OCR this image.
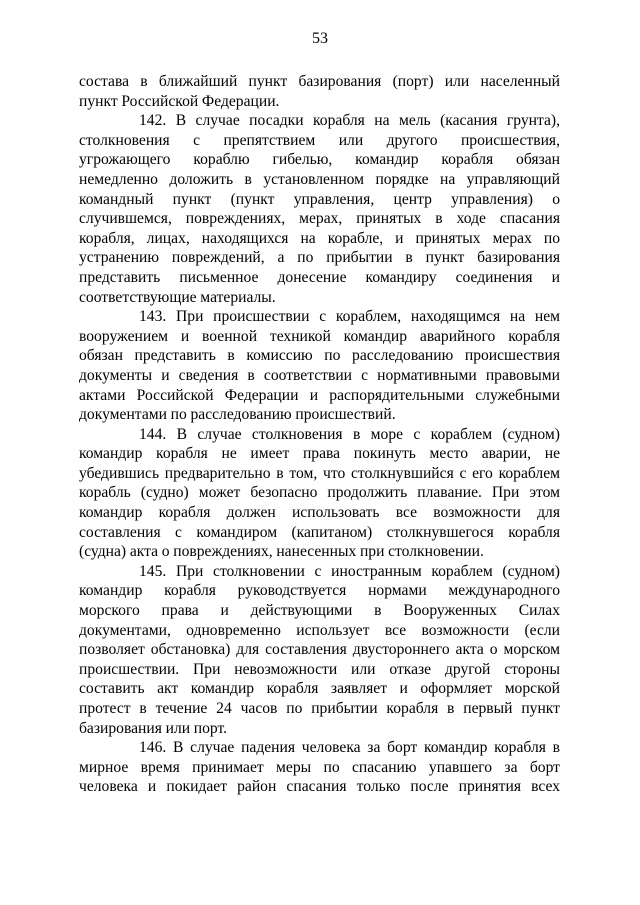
53
состава в ближайший пункт базирования (порт) или населенный
пункт Российской Федерации.
142. В случае посадки корабля на мель (касания грунта),
столкновения с препятствием или другого происшествия,
угрожающего кораблю гибелью, командир корабля обязан
немедленно доложить в установленном порядке на управляющий
командный пункт (пункт управления, центр управления) о
случившемся, повреждениях, мерах, принятых в ходе спасания
корабля, лицах, находящихся на корабле, и принятых мерах по
устранению повреждений, а по прибытии в пункт базирования
представить письменное донесение командиру соединения и
соответствующие материалы.
143. При происшествии с кораблем, находящимся на нем
вооружением и военной техникой командир аварийного корабля
обязан представить в комиссию по расследованию происшествия
документы и сведения в соответствии с нормативными правовыми
актами Российской Федерации и распорядительными служебными
документами по расследованию происшествий.
144. В случае столкновения в море с кораблем (судном)
командир корабля не имеет права покинуть место аварии, не
убедившись предварительно в том, что столкнувшийся с его кораблем
корабль (судно) может безопасно продолжить плавание. При этом
командир корабля должен использовать все возможности для
составления с командиром (капитаном) столкнувшегося корабля
(судна) акта о повреждениях, нанесенных при столкновении.
145. При столкновении с иностранным кораблем (судном)
командир корабля руководствуется нормами международного
морского права и действующими в Вооруженных Силах
документами, одновременно использует все возможности (если
позволяет обстановка) для составления двустороннего акта о морском
происшествии. При невозможности или отказе другой стороны
составить акт командир корабля заявляет и оформляет морской
протест в течение 24 часов по прибытии корабля в первый пункт
базирования или порт.
146. В случае падения человека за борт командир корабля в
мирное время принимает меры по спасанию упавшего за борт
человека и покидает район спасания только после принятия всех
